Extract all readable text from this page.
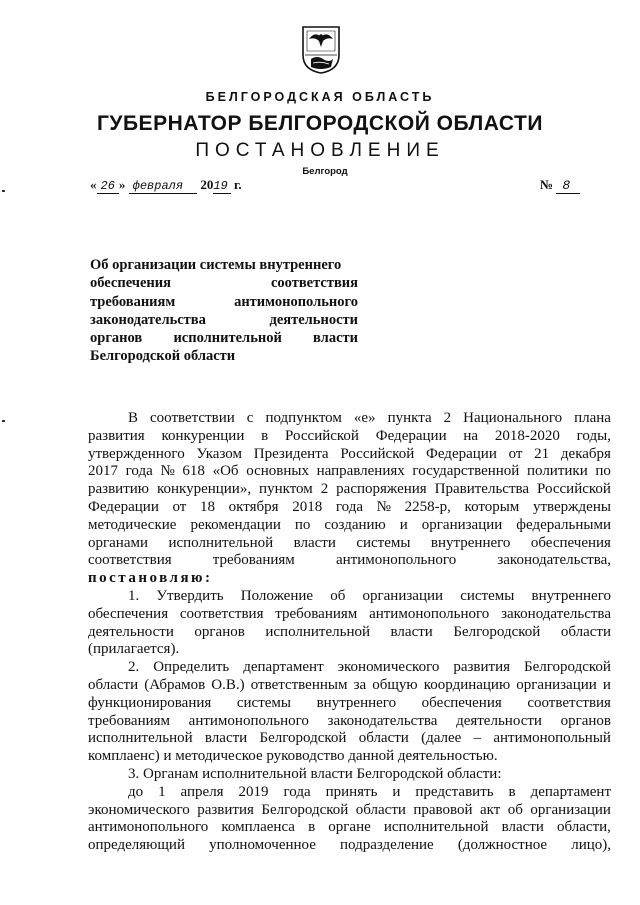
БЕЛГОРОДСКАЯ ОБЛАСТЬ
ГУБЕРНАТОР БЕЛГОРОДСКОЙ ОБЛАСТИ
ПОСТАНОВЛЕНИЕ
Белгород
« 26 » февраля 2019 г.	№ 8
Об организации системы внутреннего
обеспечения	соответствия
требованиям	антимонопольного
законодательства	деятельности
органов исполнительной власти
Белгородской области
В соответствии с подпунктом «е» пункта 2 Национального плана
развития конкуренции в Российской Федерации на 2018-2020 годы,
утвержденного Указом Президента Российской Федерации от 21 декабря
2017 года № 618 «Об основных направлениях государственной политики по
развитию конкуренции», пунктом 2 распоряжения Правительства Российской
Федерации от 18 октября 2018 года № 2258-р, которым утверждены
методические рекомендации по созданию и организации федеральными
органами исполнительной власти системы внутреннего обеспечения
соответствия	требованиям	антимонопольного	законодательства,
постановляю:
1. Утвердить Положение об организации системы внутреннего
обеспечения соответствия требованиям антимонопольного законодательства
деятельности органов исполнительной власти Белгородской области
(прилагается).
2. Определить департамент экономического развития Белгородской
области (Абрамов О.В.) ответственным за общую координацию организации и
функционирования системы внутреннего обеспечения соответствия
требованиям антимонопольного законодательства деятельности органов
исполнительной власти Белгородской области (далее – антимонопольный
комплаенс) и методическое руководство данной деятельностью.
3. Органам исполнительной власти Белгородской области:
до 1 апреля 2019 года принять и представить в департамент
экономического развития Белгородской области правовой акт об организации
антимонопольного комплаенса в органе исполнительной власти области,
определяющий уполномоченное подразделение (должностное лицо),
